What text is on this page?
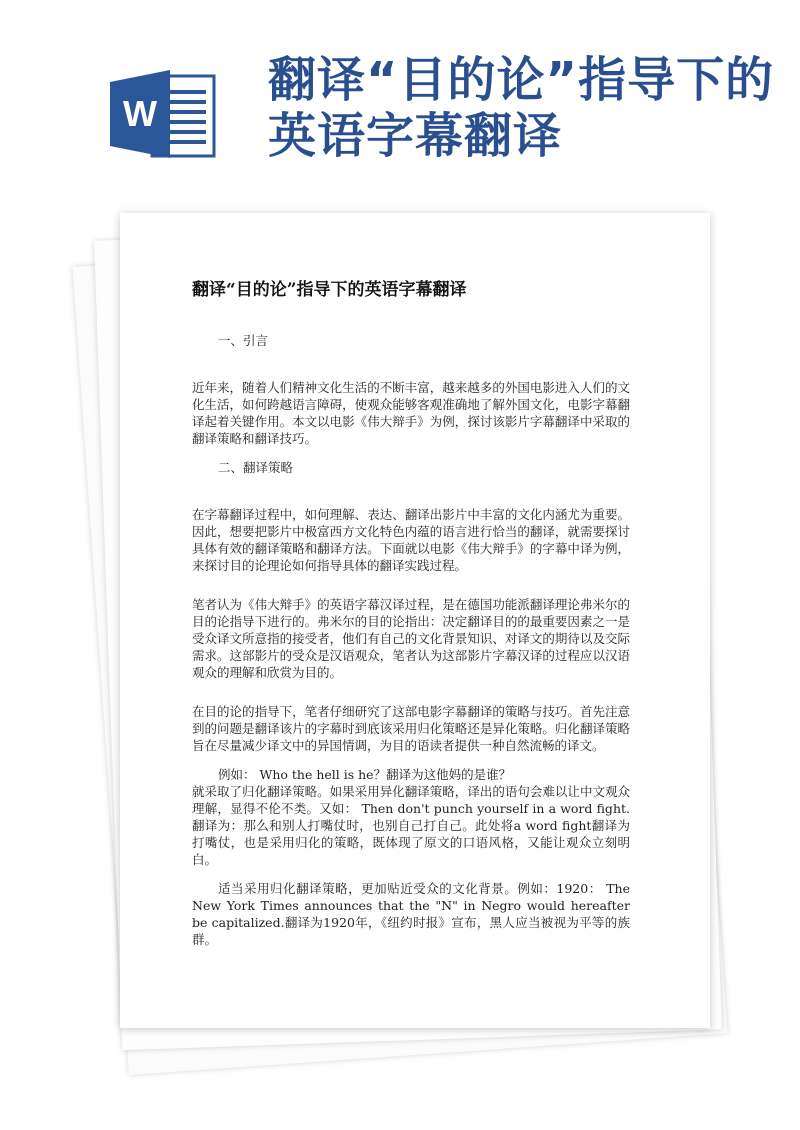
W
翻译“目的论”指导下的英语字幕翻译
翻译“目的论”指导下的英语字幕翻译
一、引言

近年来，随着人们精神文化生活的不断丰富，越来越多的外国电影进入人们的文化生活，如何跨越语言障碍，使观众能够客观准确地了解外国文化，电影字幕翻译起着关键作用。本文以电影《伟大辩手》为例，探讨该影片字幕翻译中采取的翻译策略和翻译技巧。

二、翻译策略

在字幕翻译过程中，如何理解、表达、翻译出影片中丰富的文化内涵尤为重要。因此，想要把影片中极富西方文化特色内蕴的语言进行恰当的翻译，就需要探讨具体有效的翻译策略和翻译方法。下面就以电影《伟大辩手》的字幕中译为例，来探讨目的论理论如何指导具体的翻译实践过程。

笔者认为《伟大辩手》的英语字幕汉译过程，是在德国功能派翻译理论弗米尔的目的论指导下进行的。弗米尔的目的论指出：决定翻译目的的最重要因素之一是受众译文所意指的接受者，他们有自己的文化背景知识、对译文的期待以及交际需求。这部影片的受众是汉语观众，笔者认为这部影片字幕汉译的过程应以汉语观众的理解和欣赏为目的。

在目的论的指导下，笔者仔细研究了这部电影字幕翻译的策略与技巧。首先注意到的问题是翻译该片的字幕时到底该采用归化策略还是异化策略。归化翻译策略旨在尽量减少译文中的异国情调，为目的语读者提供一种自然流畅的译文。

例如： Who the hell is he？翻译为这他妈的是谁？

就采取了归化翻译策略。如果采用异化翻译策略，译出的语句会难以让中文观众理解，显得不伦不类。又如： Then don't punch yourself in a word fight. 翻译为：那么和别人打嘴仗时，也别自己打自己。此处将a word fight翻译为打嘴仗，也是采用归化的策略，既体现了原文的口语风格，又能让观众立刻明白。

适当采用归化翻译策略，更加贴近受众的文化背景。例如：1920： The New York Times announces that the "N" in Negro would hereafter be capitalized.翻译为1920年，《纽约时报》宣布，黑人应当被视为平等的族群。
